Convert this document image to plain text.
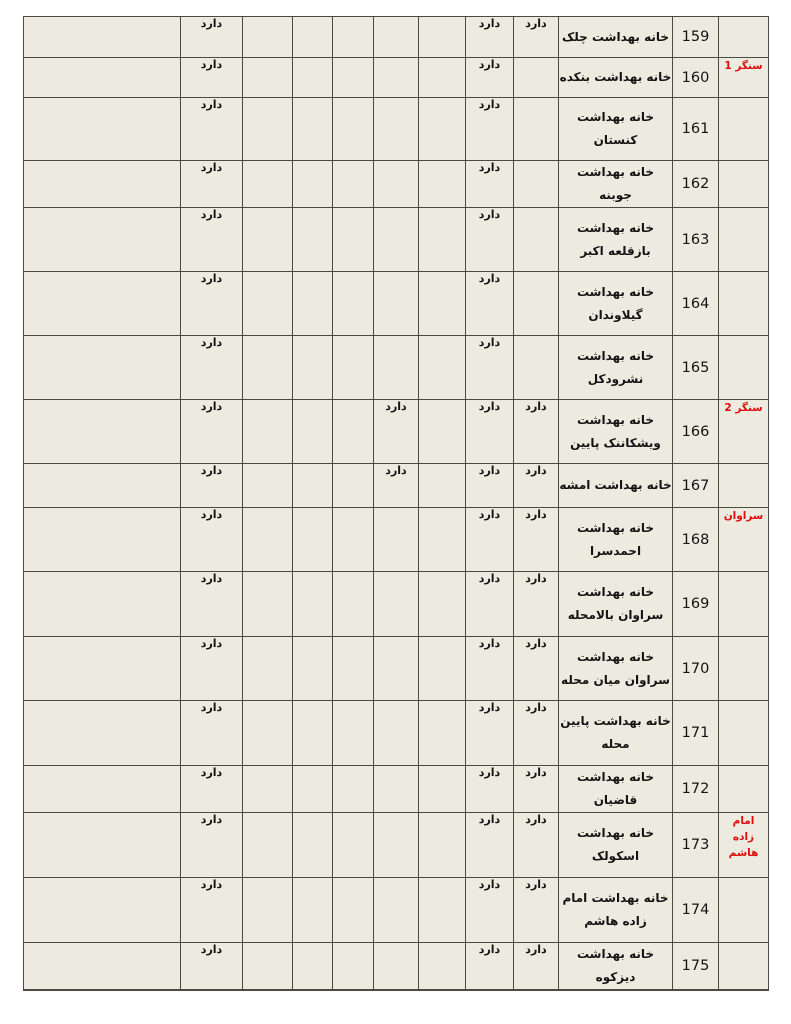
	159	خانه بهداشت چلک	دارد	دارد						دارد	

سنگر 1	160	خانه بهداشت بنکده		دارد						دارد	

	161	خانه بهداشت کنستان		دارد						دارد	

	162	خانه بهداشت جوبنه		دارد						دارد	

	163	خانه بهداشت بازقلعه اکبر		دارد						دارد	

	164	خانه بهداشت گیلاوندان		دارد						دارد	

	165	خانه بهداشت نشرودکل		دارد						دارد	

سنگر 2	166	خانه بهداشت ویشکاننک پایین	دارد	دارد		دارد				دارد	

	167	خانه بهداشت امشه	دارد	دارد		دارد				دارد	

سراوان	168	خانه بهداشت احمدسرا	دارد	دارد						دارد	

	169	خانه بهداشت سراوان بالامحله	دارد	دارد						دارد	

	170	خانه بهداشت سراوان میان محله	دارد	دارد						دارد	

	171	خانه بهداشت پایین محله	دارد	دارد						دارد	

	172	خانه بهداشت قاضیان	دارد	دارد						دارد	

امام زاده هاشم	173	خانه بهداشت اسکولک	دارد	دارد						دارد	

	174	خانه بهداشت امام زاده هاشم	دارد	دارد						دارد	

	175	خانه بهداشت دیزکوه	دارد	دارد						دارد	
